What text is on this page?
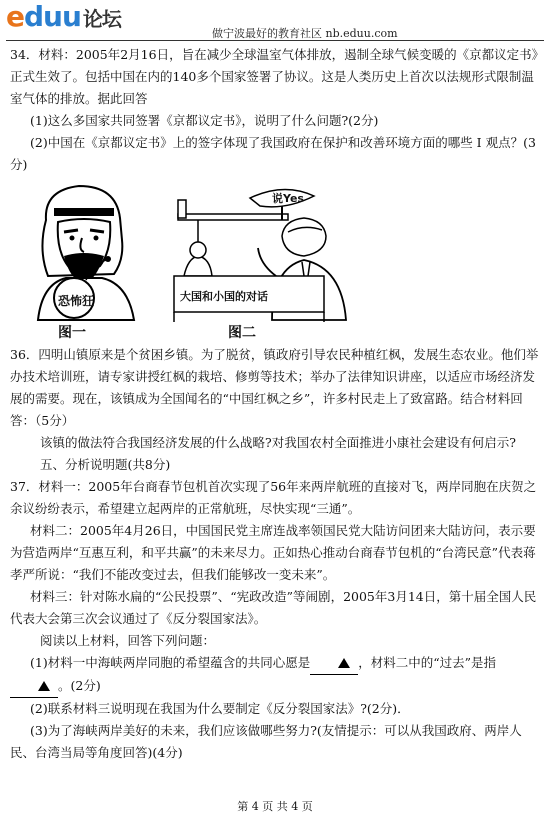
eduu 论坛
做宁波最好的教育社区 nb.eduu.com

34．材料：2005年2月16日，旨在减少全球温室气体排放，遏制全球气候变暖的《京都议定书》正式生效了。包括中国在内的140多个国家签署了协议。这是人类历史上首次以法规形式限制温室气体的排放。据此回答

(1)这么多国家共同签署《京都议定书》，说明了什么问题?(2分)

(2)中国在《京都议定书》上的签字体现了我国政府在保护和改善环境方面的哪些 Ⅰ 观点？(3分)

恐怖狂
图一
说Yes
大国和小国的对话
图二

36．四明山镇原来是个贫困乡镇。为了脱贫，镇政府引导农民种植红枫，发展生态农业。他们举办技术培训班，请专家讲授红枫的栽培、修剪等技术；举办了法律知识讲座，以适应市场经济发展的需要。现在，该镇成为全国闻名的“中国红枫之乡”，许多村民走上了致富路。结合材料回答：（5分）

该镇的做法符合我国经济发展的什么战略?对我国农村全面推进小康社会建设有何启示?

五、分析说明题(共8分)

37．材料一：2005年台商春节包机首次实现了56年来两岸航班的直接对飞，两岸同胞在庆贺之余议纷纷表示，希望建立起两岸的正常航班，尽快实现“三通”。

材料二：2005年4月26日，中国国民党主席连战率领国民党大陆访问团来大陆访问，表示要为营造两岸“互惠互利，和平共赢”的未来尽力。正如热心推动台商春节包机的“台湾民意”代表蒋孝严所说：“我们不能改变过去，但我们能够改一变未来”。

材料三：针对陈水扁的“公民投票”、“宪政改造”等闹剧，2005年3月14日，第十届全国人民代表大会第三次会议通过了《反分裂国家法》。

阅读以上材料，回答下列问题：

(1)材料一中海峡两岸同胞的希望蕴含的共同心愿是	，材料二中的“过去”是指。(2分)

(2)联系材料三说明现在我国为什么要制定《反分裂国家法》?(2分)．

(3)为了海峡两岸美好的未来，我们应该做哪些努力?(友情提示：可以从我国政府、两岸人民、台湾当局等角度回答)(4分)

第 4 页 共 4 页
